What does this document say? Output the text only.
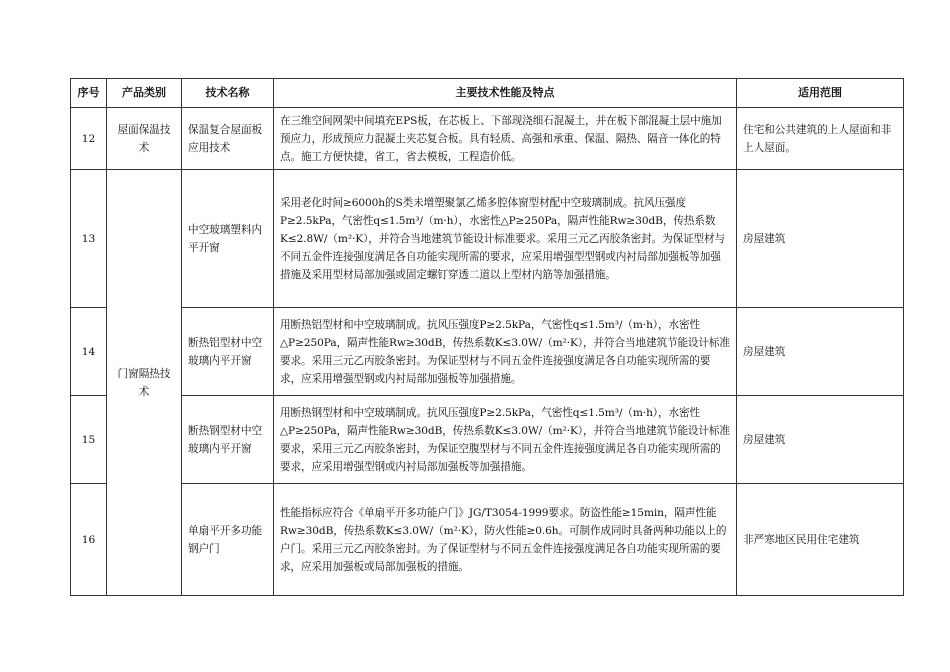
序号	产品类别	技术名称	主要技术性能及特点	适用范围
12	屋面保温技术	保温复合屋面板应用技术	在三维空间网架中间填充EPS板，在芯板上、下部现浇细石混凝土，并在板下部混凝土层中施加预应力，形成预应力混凝土夹芯复合板。具有轻质、高强和承重、保温、隔热、隔音一体化的特点。施工方便快捷，省工，省去模板，工程造价低。	住宅和公共建筑的上人屋面和非上人屋面。
13	门窗隔热技术	中空玻璃塑料内平开窗	采用老化时间≥6000h的S类未增塑聚氯乙烯多腔体窗型材配中空玻璃制成。抗风压强度P≥2.5kPa，气密性q≤1.5m³/（m·h），水密性△P≥250Pa，隔声性能Rw≥30dB，传热系数K≤2.8W/（m²·K），并符合当地建筑节能设计标准要求。采用三元乙丙胶条密封。为保证型材与不同五金件连接强度满足各自功能实现所需的要求，应采用增强型型钢或内衬局部加强板等加强措施及采用型材局部加强或固定螺钉穿透二道以上型材内筋等加强措施。	房屋建筑
14		断热铝型材中空玻璃内平开窗	用断热铝型材和中空玻璃制成。抗风压强度P≥2.5kPa，气密性q≤1.5m³/（m·h），水密性△P≥250Pa，隔声性能Rw≥30dB，传热系数K≤3.0W/（m²·K），并符合当地建筑节能设计标准要求。采用三元乙丙胶条密封。为保证型材与不同五金件连接强度满足各自功能实现所需的要求，应采用增强型钢或内衬局部加强板等加强措施。	房屋建筑
15		断热钢型材中空玻璃内平开窗	用断热钢型材和中空玻璃制成。抗风压强度P≥2.5kPa，气密性q≤1.5m³/（m·h），水密性△P≥250Pa，隔声性能Rw≥30dB，传热系数K≤3.0W/（m²·K），并符合当地建筑节能设计标准要求，采用三元乙丙胶条密封，为保证空腹型材与不同五金件连接强度满足各自功能实现所需的要求，应采用增强型钢或内衬局部加强板等加强措施。	房屋建筑
16		单扇平开多功能钢户门	性能指标应符合《单扇平开多功能户门》JG/T3054-1999要求。防盗性能≥15min，隔声性能Rw≥30dB，传热系数K≤3.0W/（m²·K），防火性能≥0.6h。可制作成同时具备两种功能以上的户门。采用三元乙丙胶条密封。为了保证型材与不同五金件连接强度满足各自功能实现所需的要求，应采用加强板或局部加强板的措施。	非严寒地区民用住宅建筑
